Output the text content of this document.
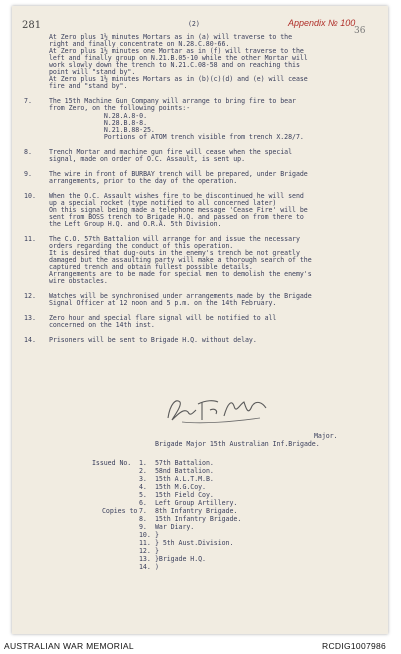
281	(2)	Appendix № 100
36
At Zero plus 1½ minutes Mortars as in (a) will traverse to the
right and finally concentrate on N.28.C.80-66.
At Zero plus 1½ minutes one Mortar as in (f) will traverse to the
left and finally group on N.21.B.05-10 while the other Mortar will
work slowly down the trench to N.21.C.08-58 and on reaching this
point will "stand by".
At Zero plus 1½ minutes Mortars as in (b)(c)(d) and (e) will cease
fire and "stand by".
7.	The 15th Machine Gun Company will arrange to bring fire to bear
from Zero, on the following points:-
N.28.A.8-0.
N.28.B.8-8.
N.21.B.88-25.
Portions of ATOM trench visible from trench X.28/7.
8.	Trench Mortar and machine gun fire will cease when the special
signal, made on order of O.C. Assault, is sent up.
9.	The wire in front of BURBAY trench will be prepared, under Brigade
arrangements, prior to the day of the operation.
10. When the O.C. Assault wishes fire to be discontinued he will send
up a special rocket (type notified to all concerned later)
On this signal being made a telephone message 'Cease Fire' will be
sent from BOSS trench to Brigade H.Q. and passed on from there to
the Left Group H.Q. and O.R.A. 5th Division.
11. The C.O. 57th Battalion will arrange for and issue the necessary
orders regarding the conduct of this operation.
It is desired that dug-outs in the enemy's trench be not greatly
damaged but the assaulting party will make a thorough search of the
captured trench and obtain fullest possible details.
Arrangements are to be made for special men to demolish the enemy's
wire obstacles.
12. Watches will be synchronised under arrangements made by the Brigade
Signal Officer at 12 noon and 5 p.m. on the 14th February.
13. Zero hour and special flare signal will be notified to all
concerned on the 14th inst.
14. Prisoners will be sent to Brigade H.Q. without delay.
Major.
Brigade Major 15th Australian Inf.Brigade.
Issued No. 1. 57th Battalion.
2. 58nd Battalion.
3. 15th A.L.T.M.B.
4. 15th M.G.Coy.
5. 15th Field Coy.
6. Left Group Artillery.
Copies to 7. 8th Infantry Brigade.
8. 15th Infantry Brigade.
9. War Diary.
10. }
11. } 5th Aust.Division.
12. }
13. }Brigade H.Q.
14. )
AUSTRALIAN WAR MEMORIAL	RCDIG1007986
